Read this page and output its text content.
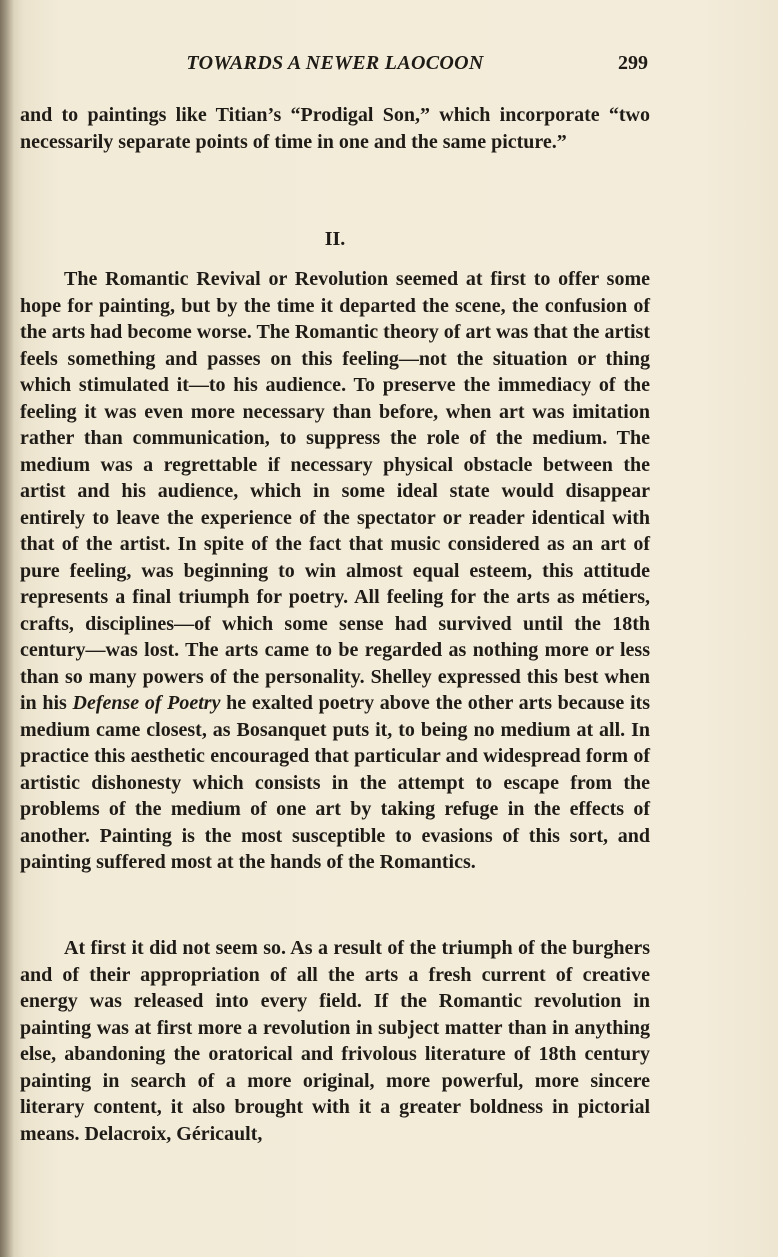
TOWARDS A NEWER LAOCOON	299

and to paintings like Titian’s “Prodigal Son,” which incorporate “two necessarily separate points of time in one and the same picture.”

II.

The Romantic Revival or Revolution seemed at first to offer some hope for painting, but by the time it departed the scene, the confusion of the arts had become worse. The Romantic theory of art was that the artist feels something and passes on this feeling—not the situation or thing which stimulated it—to his audience. To preserve the immediacy of the feeling it was even more necessary than before, when art was imitation rather than communication, to suppress the role of the medium. The medium was a regrettable if necessary physical obstacle between the artist and his audience, which in some ideal state would disappear entirely to leave the experience of the spectator or reader identical with that of the artist. In spite of the fact that music considered as an art of pure feeling, was beginning to win almost equal esteem, this attitude represents a final triumph for poetry. All feeling for the arts as métiers, crafts, disciplines—of which some sense had survived until the 18th century—was lost. The arts came to be regarded as nothing more or less than so many powers of the personality. Shelley expressed this best when in his Defense of Poetry he exalted poetry above the other arts because its medium came closest, as Bosanquet puts it, to being no medium at all. In practice this aesthetic encouraged that particular and widespread form of artistic dishonesty which consists in the attempt to escape from the problems of the medium of one art by taking refuge in the effects of another. Painting is the most susceptible to evasions of this sort, and painting suffered most at the hands of the Romantics.

At first it did not seem so. As a result of the triumph of the burghers and of their appropriation of all the arts a fresh current of creative energy was released into every field. If the Romantic revolution in painting was at first more a revolution in subject matter than in anything else, abandoning the oratorical and frivolous literature of 18th century painting in search of a more original, more powerful, more sincere literary content, it also brought with it a greater boldness in pictorial means. Delacroix, Géricault,
